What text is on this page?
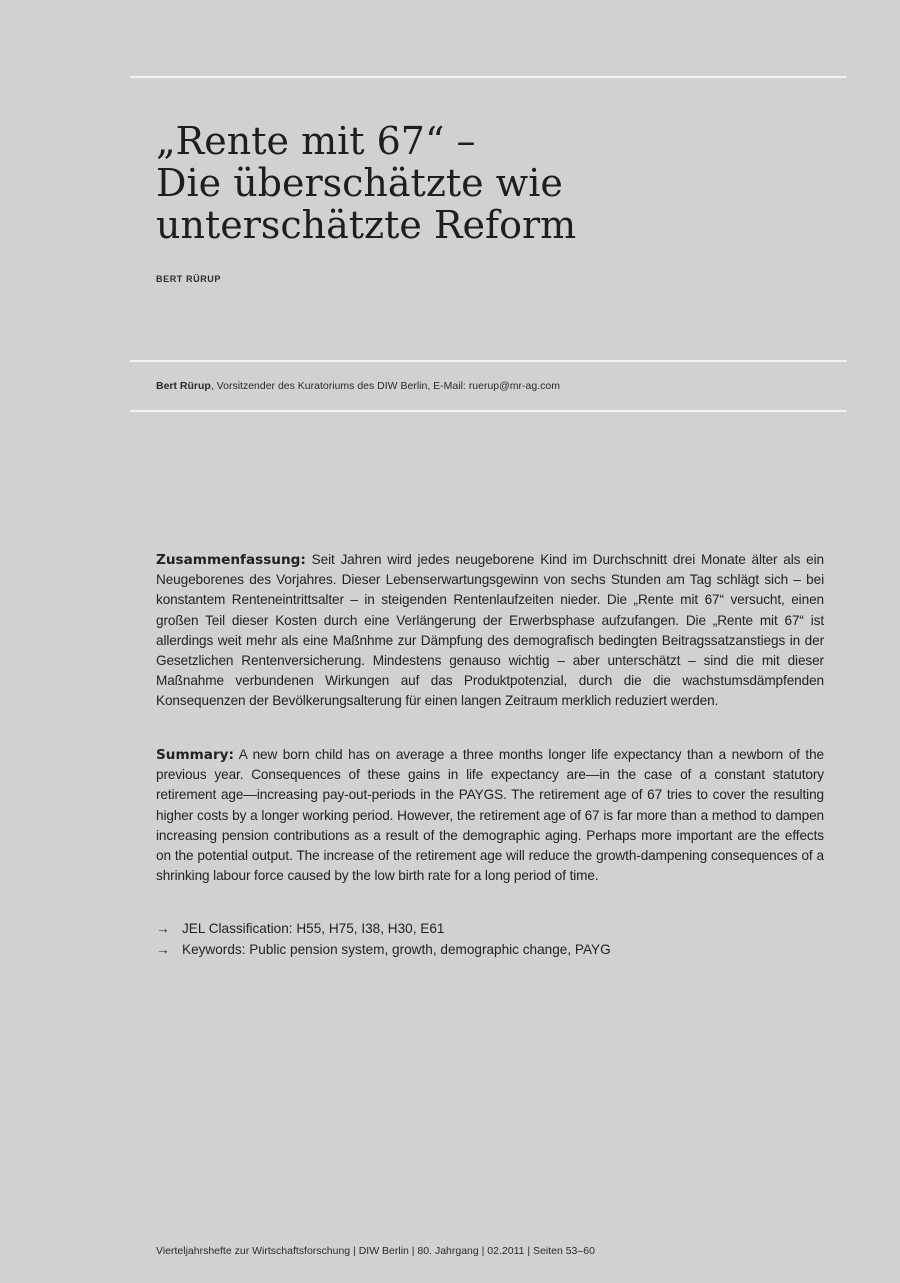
„Rente mit 67“ –
Die überschätzte wie
unterschätzte Reform
BERT RÜRUP
Bert Rürup, Vorsitzender des Kuratoriums des DIW Berlin, E-Mail: ruerup@mr-ag.com

Zusammenfassung: Seit Jahren wird jedes neugeborene Kind im Durchschnitt drei Monate älter als ein Neugeborenes des Vorjahres. Dieser Lebenserwartungsgewinn von sechs Stunden am Tag schlägt sich – bei konstantem Renteneintrittsalter – in steigenden Rentenlaufzeiten nieder. Die „Rente mit 67“ versucht, einen großen Teil dieser Kosten durch eine Verlängerung der Erwerbsphase aufzufangen. Die „Rente mit 67“ ist allerdings weit mehr als eine Maßnhme zur Dämpfung des demografisch bedingten Beitragssatzanstiegs in der Gesetzlichen Rentenversicherung. Mindestens genauso wichtig – aber unterschätzt – sind die mit dieser Maßnahme verbundenen Wirkungen auf das Produktpotenzial, durch die die wachstumsdämpfenden Konsequenzen der Bevölkerungsalterung für einen langen Zeitraum merklich reduziert werden.

Summary: A new born child has on average a three months longer life expectancy than a newborn of the previous year. Consequences of these gains in life expectancy are—in the case of a constant statutory retirement age—increasing pay-out-periods in the PAYGS. The retirement age of 67 tries to cover the resulting higher costs by a longer working period. However, the retirement age of 67 is far more than a method to dampen increasing pension contributions as a result of the demographic aging. Perhaps more important are the effects on the potential output. The increase of the retirement age will reduce the growth-dampening consequences of a shrinking labour force caused by the low birth rate for a long period of time.

→ JEL Classification: H55, H75, I38, H30, E61
→ Keywords: Public pension system, growth, demographic change, PAYG
Vierteljahrshefte zur Wirtschaftsforschung | DIW Berlin | 80. Jahrgang | 02.2011 | Seiten 53–60
